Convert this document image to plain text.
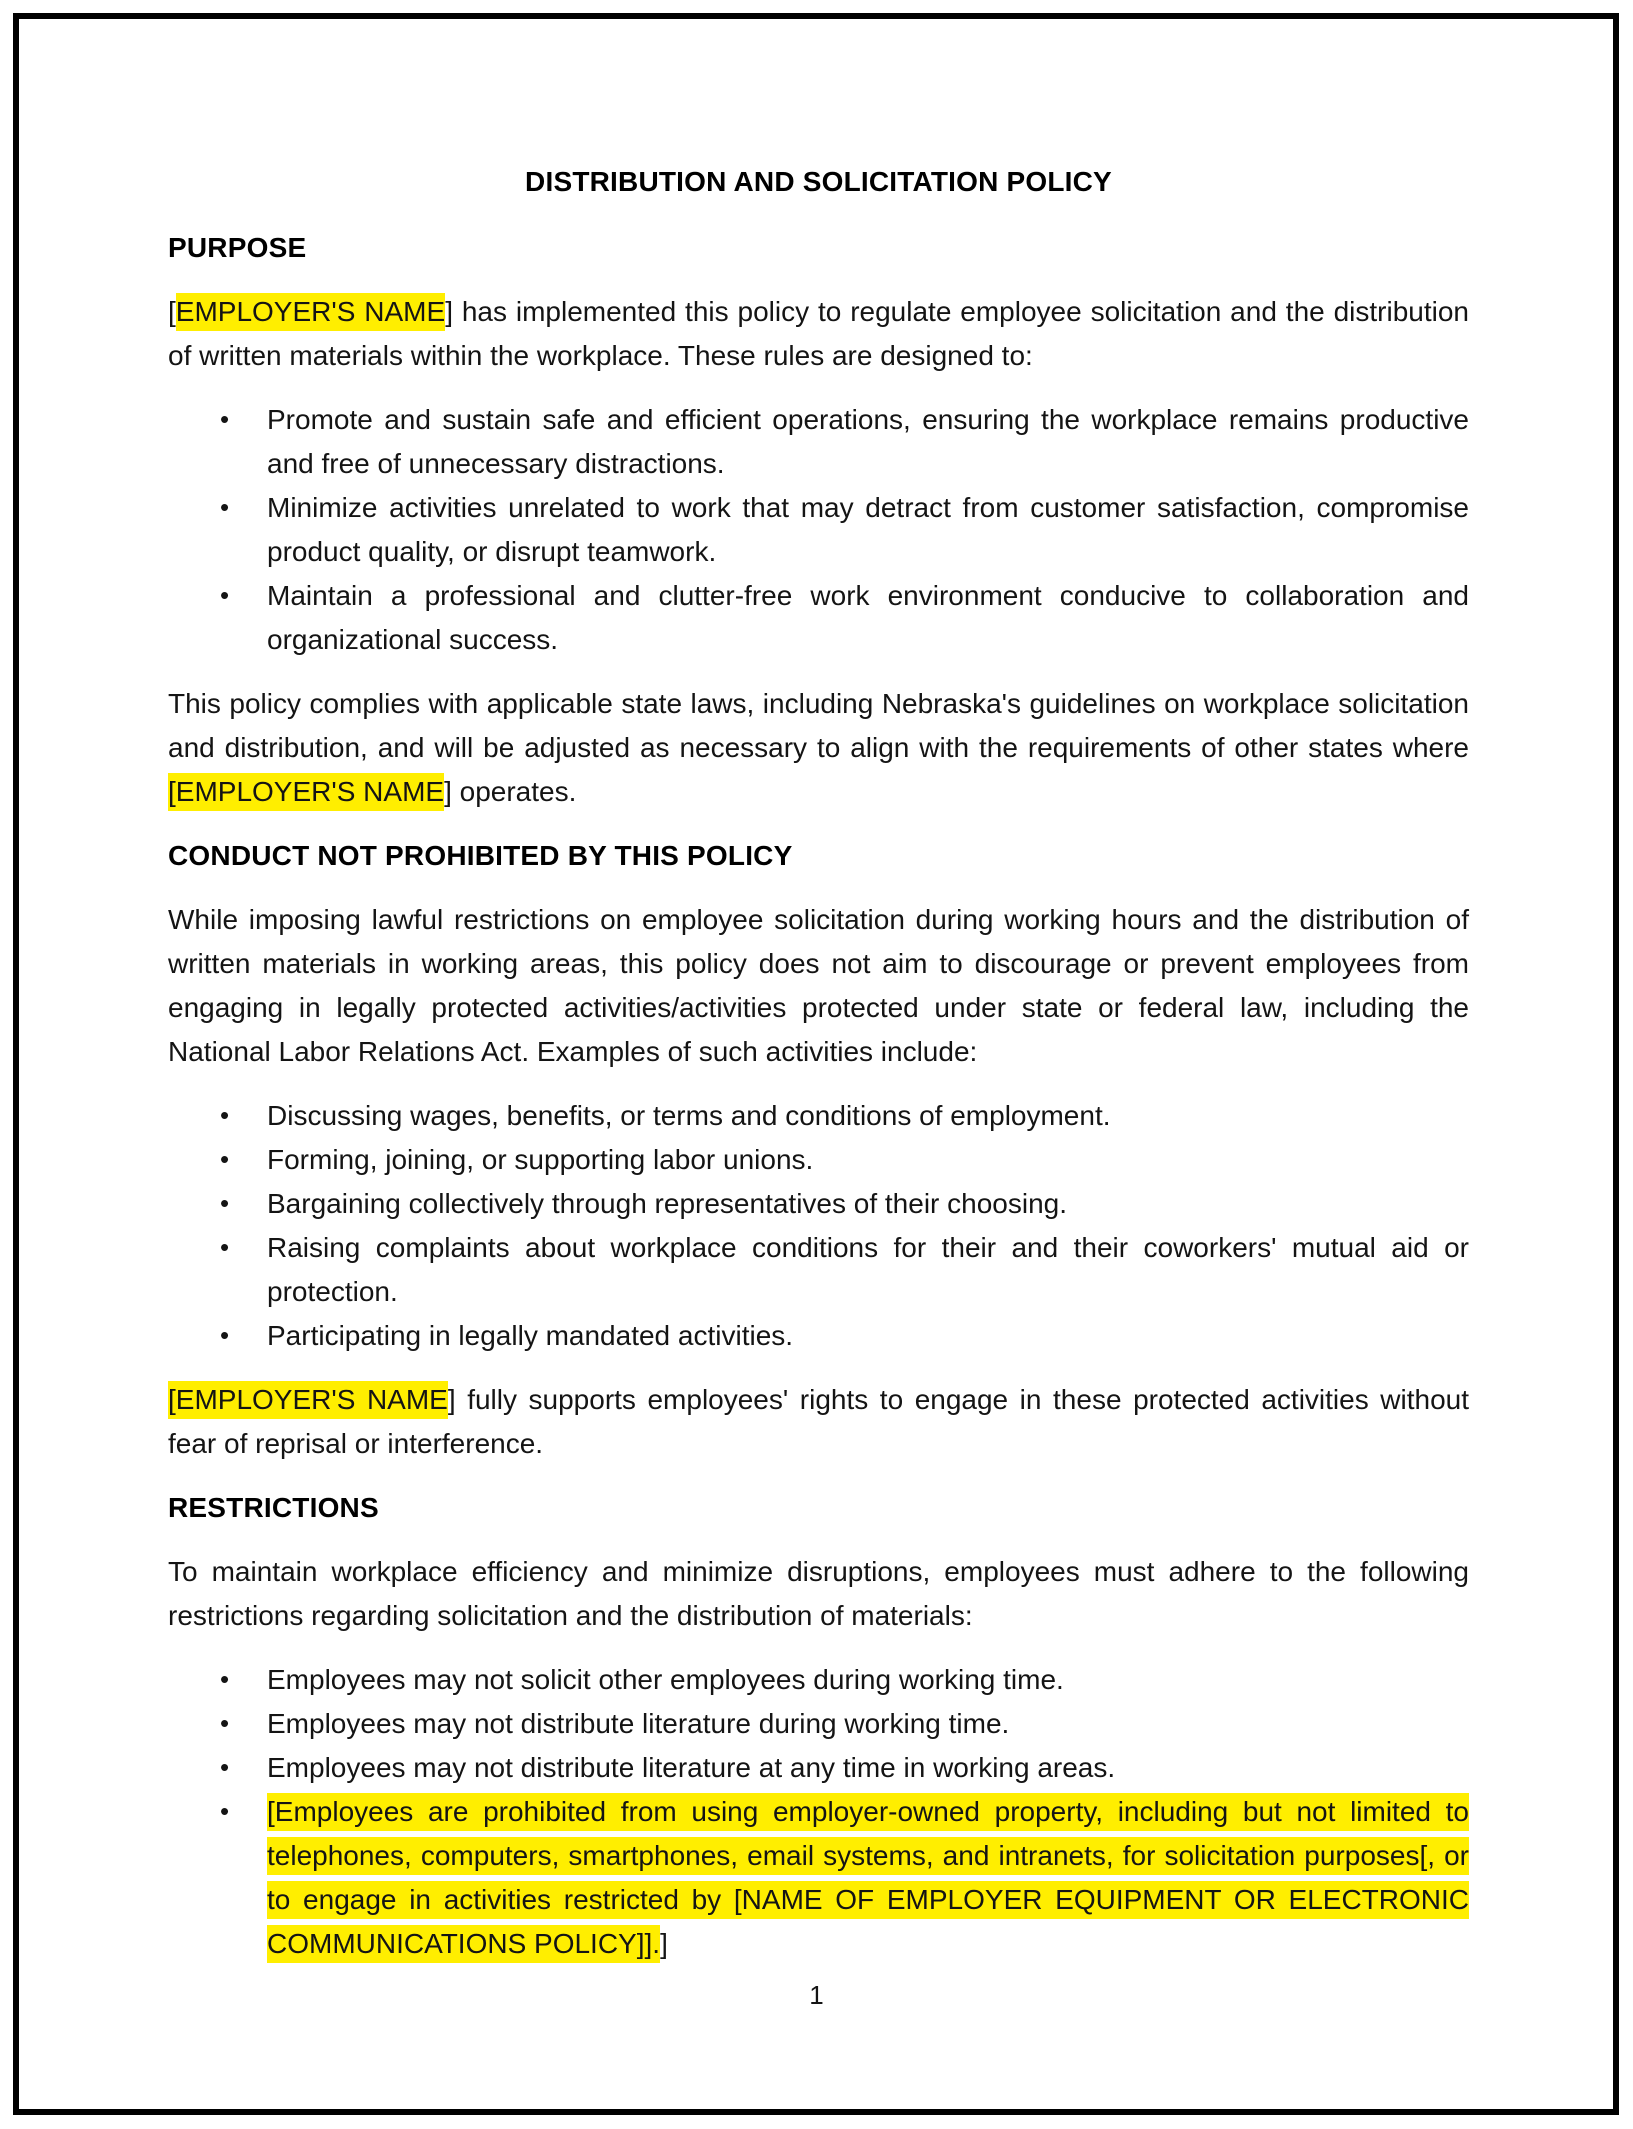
DISTRIBUTION AND SOLICITATION POLICY
PURPOSE
[EMPLOYER'S NAME] has implemented this policy to regulate employee solicitation and the distribution of written materials within the workplace. These rules are designed to:
• Promote and sustain safe and efficient operations, ensuring the workplace remains productive and free of unnecessary distractions.
• Minimize activities unrelated to work that may detract from customer satisfaction, compromise product quality, or disrupt teamwork.
• Maintain a professional and clutter-free work environment conducive to collaboration and organizational success.
This policy complies with applicable state laws, including Nebraska's guidelines on workplace solicitation and distribution, and will be adjusted as necessary to align with the requirements of other states where [EMPLOYER'S NAME] operates.
CONDUCT NOT PROHIBITED BY THIS POLICY
While imposing lawful restrictions on employee solicitation during working hours and the distribution of written materials in working areas, this policy does not aim to discourage or prevent employees from engaging in legally protected activities/activities protected under state or federal law, including the National Labor Relations Act. Examples of such activities include:
• Discussing wages, benefits, or terms and conditions of employment.
• Forming, joining, or supporting labor unions.
• Bargaining collectively through representatives of their choosing.
• Raising complaints about workplace conditions for their and their coworkers' mutual aid or protection.
• Participating in legally mandated activities.
[EMPLOYER'S NAME] fully supports employees' rights to engage in these protected activities without fear of reprisal or interference.
RESTRICTIONS
To maintain workplace efficiency and minimize disruptions, employees must adhere to the following restrictions regarding solicitation and the distribution of materials:
• Employees may not solicit other employees during working time.
• Employees may not distribute literature during working time.
• Employees may not distribute literature at any time in working areas.
• [Employees are prohibited from using employer-owned property, including but not limited to telephones, computers, smartphones, email systems, and intranets, for solicitation purposes[, or to engage in activities restricted by [NAME OF EMPLOYER EQUIPMENT OR ELECTRONIC COMMUNICATIONS POLICY]].]
1
